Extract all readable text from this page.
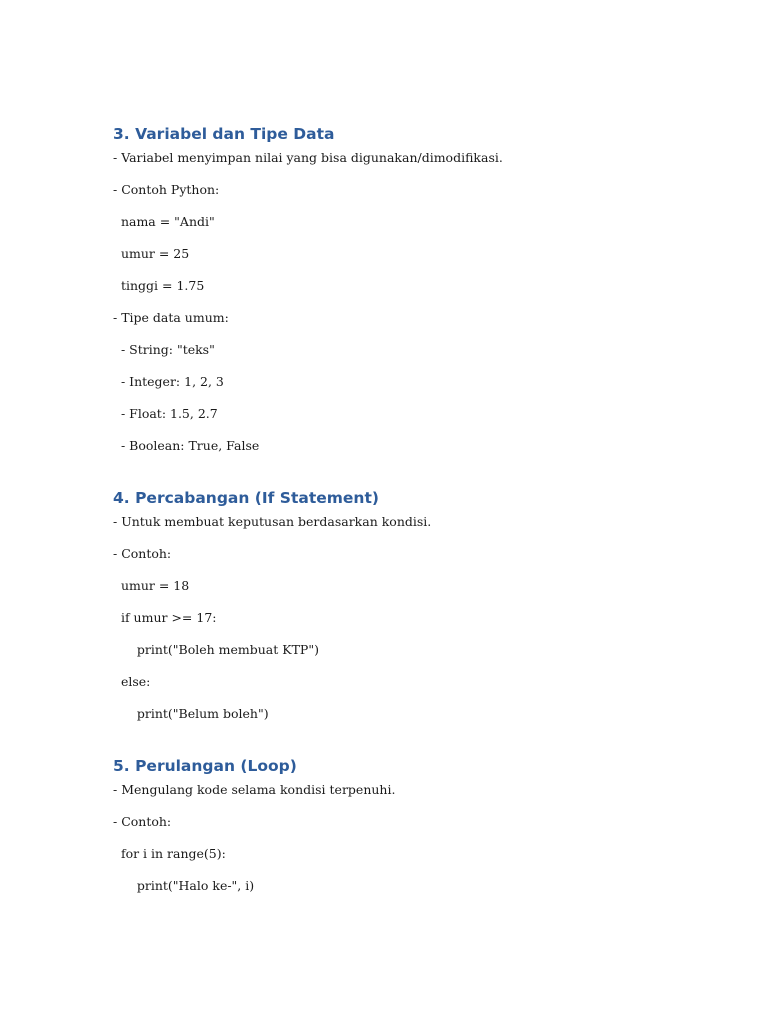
3. Variabel dan Tipe Data

- Variabel menyimpan nilai yang bisa digunakan/dimodifikasi.

- Contoh Python:

nama = "Andi"

umur = 25

tinggi = 1.75

- Tipe data umum:

- String: "teks"

- Integer: 1, 2, 3

- Float: 1.5, 2.7

- Boolean: True, False

4. Percabangan (If Statement)

- Untuk membuat keputusan berdasarkan kondisi.

- Contoh:

umur = 18

if umur >= 17:

print("Boleh membuat KTP")

else:

print("Belum boleh")

5. Perulangan (Loop)

- Mengulang kode selama kondisi terpenuhi.

- Contoh:

for i in range(5):

print("Halo ke-", i)
